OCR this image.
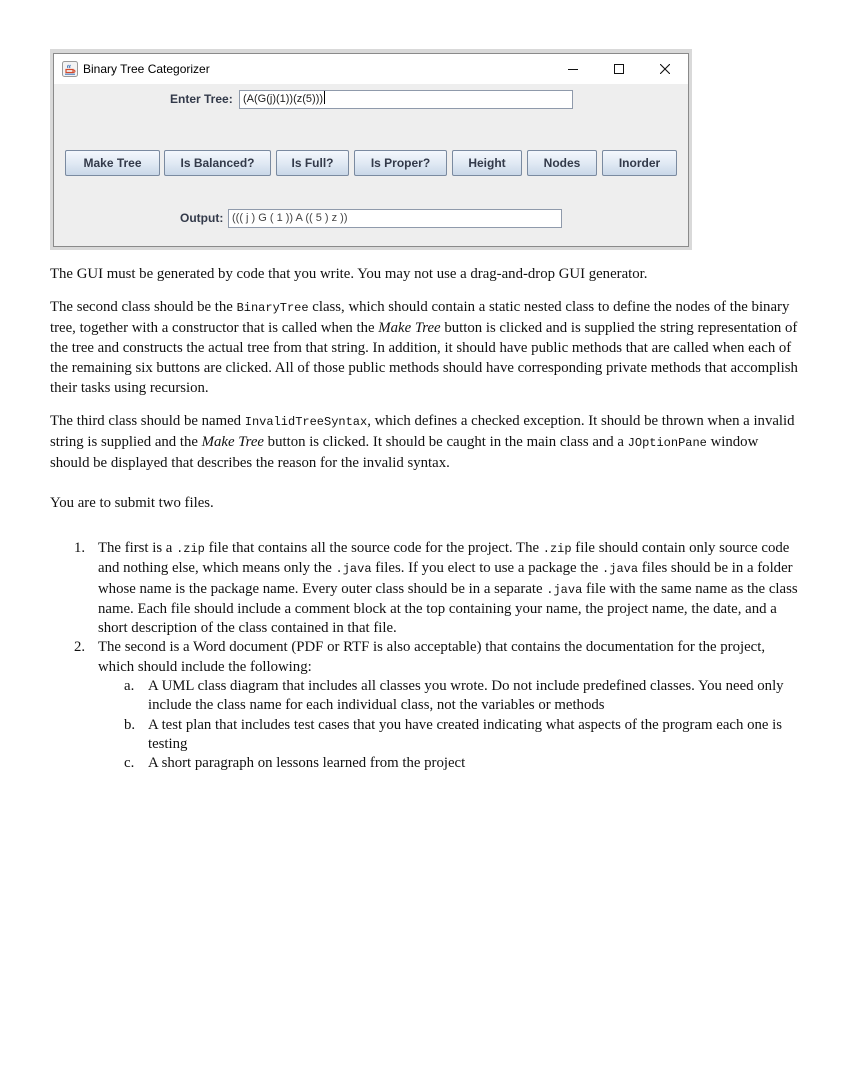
Binary Tree Categorizer
Enter Tree: (A(G(j)(1))(z(5)))
Make Tree	Is Balanced?	Is Full?	Is Proper?	Height	Nodes	Inorder
Output: ((( j ) G ( 1 )) A (( 5 ) z ))

The GUI must be generated by code that you write. You may not use a drag-and-drop GUI generator.

The second class should be the BinaryTree class, which should contain a static nested class to define the nodes of the binary tree, together with a constructor that is called when the Make Tree button is clicked and is supplied the string representation of the tree and constructs the actual tree from that string. In addition, it should have public methods that are called when each of the remaining six buttons are clicked. All of those public methods should have corresponding private methods that accomplish their tasks using recursion.

The third class should be named InvalidTreeSyntax, which defines a checked exception. It should be thrown when a invalid string is supplied and the Make Tree button is clicked. It should be caught in the main class and a JOptionPane window should be displayed that describes the reason for the invalid syntax.

You are to submit two files.

1. The first is a .zip file that contains all the source code for the project. The .zip file should contain only source code and nothing else, which means only the .java files. If you elect to use a package the .java files should be in a folder whose name is the package name. Every outer class should be in a separate .java file with the same name as the class name. Each file should include a comment block at the top containing your name, the project name, the date, and a short description of the class contained in that file.
2. The second is a Word document (PDF or RTF is also acceptable) that contains the documentation for the project, which should include the following:
a. A UML class diagram that includes all classes you wrote. Do not include predefined classes. You need only include the class name for each individual class, not the variables or methods
b. A test plan that includes test cases that you have created indicating what aspects of the program each one is testing
c. A short paragraph on lessons learned from the project
